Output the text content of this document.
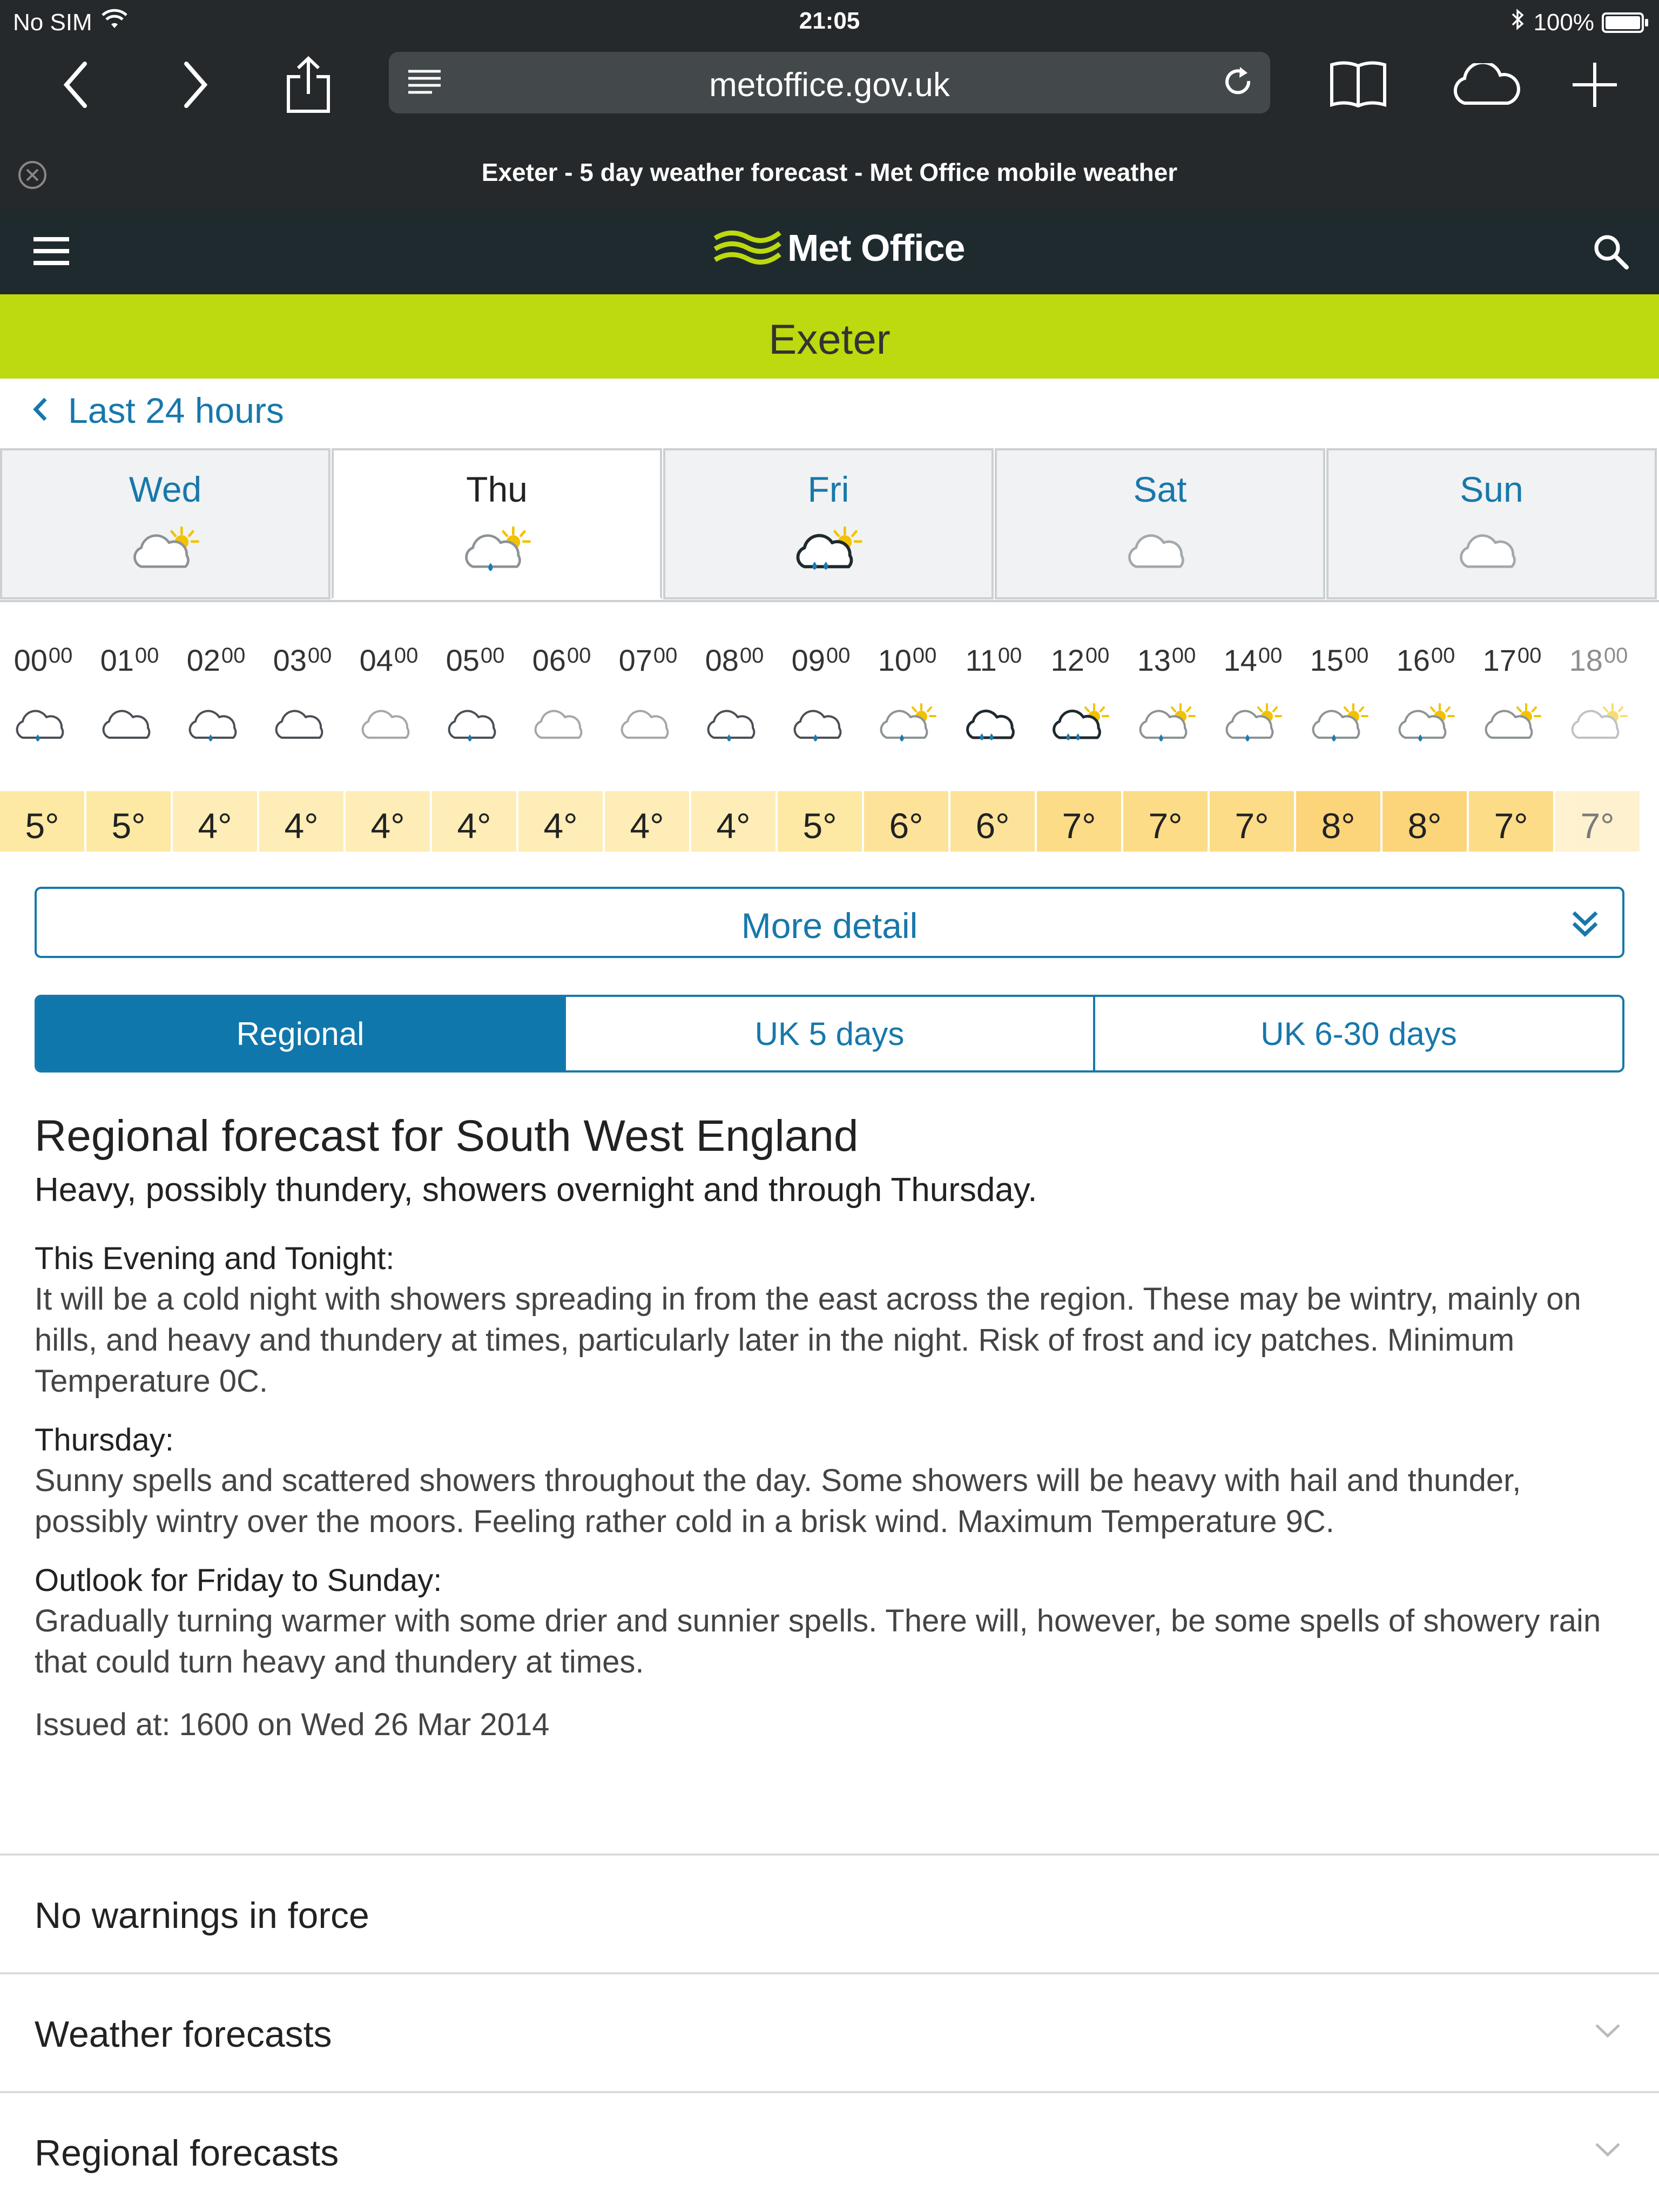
No SIM	21:05	100%
metoffice.gov.uk
Exeter - 5 day weather forecast - Met Office mobile weather
Met Office
Exeter
Last 24 hours
Wed	Thu	Fri	Sat	Sun
$00^{00}$ $01^{00}$ $02^{00}$ $03^{00}$ $04^{00}$ $05^{00}$ $06^{00}$ $07^{00}$ $08^{00}$ $09^{00}$ $10^{00}$ $11^{00}$ $12^{00}$ $13^{00}$ $14^{00}$ $15^{00}$ $16^{00}$ $17^{00}$ $18^{00}$
5°	5°	4°	4°	4°	4°	4°	4°	4°	5°	6°	6°	7°	7°	7°	8°	8°	7°	7°
More detail
Regional	UK 5 days	UK 6-30 days
Regional forecast for South West England

Heavy, possibly thundery, showers overnight and through Thursday.

This Evening and Tonight:
It will be a cold night with showers spreading in from the east across the region. These may be wintry, mainly on hills, and heavy and thundery at times, particularly later in the night. Risk of frost and icy patches. Minimum Temperature 0C.
Thursday:
Sunny spells and scattered showers throughout the day. Some showers will be heavy with hail and thunder, possibly wintry over the moors. Feeling rather cold in a brisk wind. Maximum Temperature 9C.
Outlook for Friday to Sunday:
Gradually turning warmer with some drier and sunnier spells. There will, however, be some spells of showery rain that could turn heavy and thundery at times.
Issued at: 1600 on Wed 26 Mar 2014
No warnings in force
Weather forecasts
Regional forecasts
